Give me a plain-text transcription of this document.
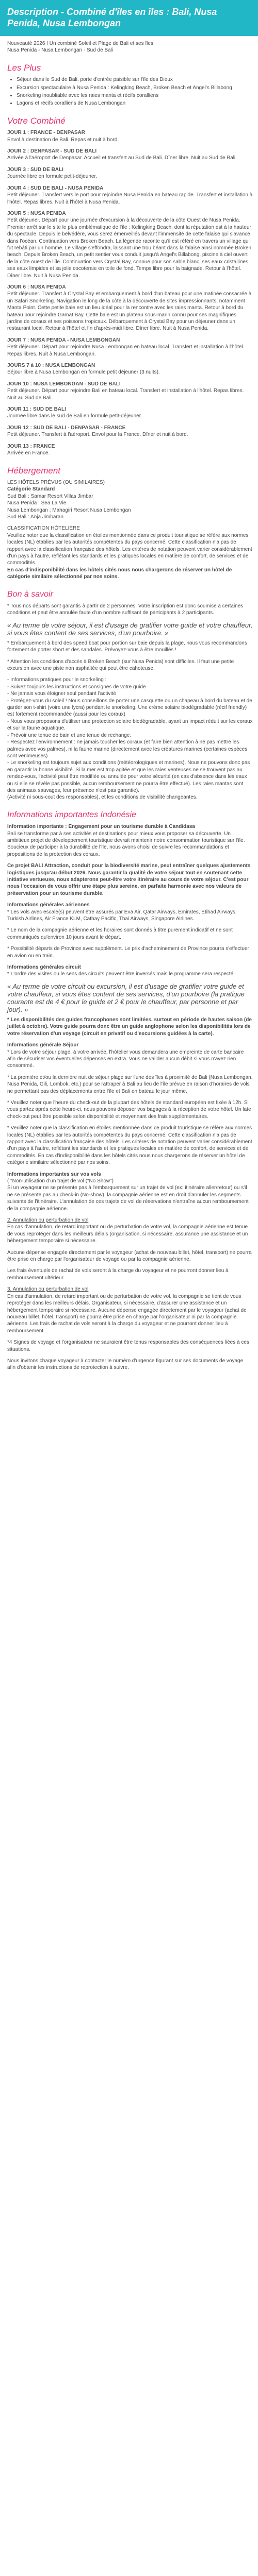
Description - Combiné d'îles en îles : Bali, Nusa Penida, Nusa Lembongan
Nouveauté 2026 ! Un combiné Soleil et Plage de Bali et ses îles
Nusa Penida - Nusa Lembongan - Sud de Bali
Les Plus
• Séjour dans le Sud de Bali, porte d'entrée paisible sur l'île des Dieux
• Excursion spectaculaire à Nusa Penida : Kelingking Beach, Broken Beach et Angel's Billabong
• Snorkeling inoubliable avec les raies manta et récifs coralliens
• Lagons et récifs coralliens de Nusa Lembongan
Votre Combiné

JOUR 1 : FRANCE - DENPASAR
Envol à destination de Bali. Repas et nuit à bord.

JOUR 2 : DENPASAR - SUD DE BALI
Arrivée à l'aéroport de Denpasar. Accueil et transfert au Sud de Bali. Dîner libre. Nuit au Sud de Bali.

JOUR 3 : SUD DE BALI
Journée libre en formule petit-déjeuner.

JOUR 4 : SUD DE BALI - NUSA PENIDA
Petit déjeuner. Transfert vers le port pour rejoindre Nusa Penida en bateau rapide. Transfert et installation à l'hôtel. Repas libres. Nuit à l'hôtel à Nusa Penida.

JOUR 5 : NUSA PENIDA
Petit déjeuner. Départ pour une journée d'excursion à la découverte de la côte Ouest de Nusa Penida. Premier arrêt sur le site le plus emblématique de l'île : Kelingking Beach, dont la réputation est à la hauteur du spectacle. Depuis le belvédère, vous serez émerveillés devant l'immensité de cette falaise qui s'avance dans l'océan. Continuation vers Broken Beach. La légende raconte qu'il est référé en travers un village qui fut rebâti par un homme. Le village s'effondra, laissant une trou béant dans la falaise ainsi nommée Broken beach. Depuis Broken Beach, un petit sentier vous conduit jusqu'à Angel's Billabong, piscine à ciel ouvert de la côte ouest de l'île. Continuation vers Crystal Bay, connue pour son sable blanc, ses eaux cristallines, ses eaux limpides et sa jolie cocoteraie en toile de fond. Temps libre pour la baignade. Retour à l'hôtel. Dîner libre. Nuit à Nusa Penida.

JOUR 6 : NUSA PENIDA
Petit déjeuner. Transfert à Crystal Bay et embarquement à bord d'un bateau pour une matinée consacrée à un Safari Snorkeling. Navigation le long de la côte à la découverte de sites impressionnants, notamment Manta Point. Cette petite baie est un lieu idéal pour la rencontre avec les raies manta. Retour à bord du bateau pour rejoindre Gamat Bay. Cette baie est un plateau sous-marin connu pour ses magnifiques jardins de coraux et ses poissons tropicaux. Débarquement à Crystal Bay pour un déjeuner dans un restaurant local. Retour à l'hôtel et fin d'après-midi libre. Dîner libre. Nuit à Nusa Penida.

JOUR 7 : NUSA PENIDA - NUSA LEMBONGAN
Petit déjeuner. Départ pour rejoindre Nusa Lembongan en bateau local. Transfert et installation à l'hôtel. Repas libres. Nuit à Nusa Lembongan.

JOURS 7 à 10 : NUSA LEMBONGAN
Séjour libre à Nusa Lembongan en formule petit déjeuner (3 nuits).

JOUR 10 : NUSA LEMBONGAN - SUD DE BALI
Petit déjeuner. Départ pour rejoindre Bali en bateau local. Transfert et installation à l'hôtel. Repas libres. Nuit au Sud de Bali.

JOUR 11 : SUD DE BALI
Journée libre dans le sud de Bali en formule petit-déjeuner.

JOUR 12 : SUD DE BALI - DENPASAR - FRANCE
Petit déjeuner. Transfert à l'aéroport. Envol pour la France. Dîner et nuit à bord.

JOUR 13 : FRANCE
Arrivée en France.

Hébergement

LES HÔTELS PRÉVUS (OU SIMILAIRES)
Catégorie Standard
Sud Bali : Samar Resort Villas Jimbar
Nusa Penida : Sea La Vie
Nusa Lembongan : Mahagiri Resort Nusa Lembongan
Sud Bali : Anja Jimbaran

CLASSIFICATION HÔTELIÈRE
Veuillez noter que la classification en étoiles mentionnée dans ce produit touristique se réfère aux normes locales (NL) établies par les autorités compétentes du pays concerné. Cette classification n'a pas de rapport avec la classification française des hôtels. Les critères de notation peuvent varier considérablement d'un pays à l'autre, reflétant les standards et les pratiques locales en matière de confort, de services et de commodités.
En cas d'indisponibilité dans les hôtels cités nous nous chargerons de réserver un hôtel de catégorie similaire sélectionné par nos soins.

Bon à savoir

* Tous nos départs sont garantis à partir de 2 personnes. Votre inscription est donc soumise à certaines conditions et peut être annulée faute d'un nombre suffisant de participants à 2 participants.

« Au terme de votre séjour, il est d'usage de gratifier votre guide et votre chauffeur, si vous êtes content de ses services, d'un pourboire. »

* Embarquement à bord des speed boat pour portion sur baie depuis la plage, nous vous recommandons fortement de porter short et des sandales. Prévoyez-vous à être mouillés !

* Attention les conditions d'accès à Broken Beach (sur Nusa Penida) sont difficiles. Il faut une petite excursion avec une piste non asphaltée qui peut être cahoteuse.

- Informations pratiques pour le snorkeling :
- Suivez toujours les instructions et consignes de votre guide
- Ne jamais vous éloigner seul pendant l'activité
- Protégez-vous du soleil ! Nous conseillons de porter une casquette ou un chapeau à bord du bateau et de garder son t-shirt (voire une lycra) pendant le snorkeling. Une crème solaire biodégradable (récif friendly) est fortement recommandée (aussi pour les coraux)
- Nous vous proposons d'utiliser une protection solaire biodégradable, ayant un impact réduit sur les coraux et sur la faune aquatique.
- Prévoir une tenue de bain et une tenue de rechange.
- Respectez l'environnement : ne jamais toucher les coraux (et faire bien attention à ne pas mettre les palmes avec vos palmes), ni la faune marine (directement avec les créatures marines (certaines espèces sont venimeuses)
- Le snorkeling est toujours sujet aux conditions (météorologiques et marines). Nous ne pouvons donc pas en garantir la bonne visibilité. Si la mer est trop agitée et que les raies venteuses ne se trouvent pas au rendez-vous, l'activité peut être modifiée ou annulée pour votre sécurité (en cas d'absence dans les eaux ou si elle se révèle pas possible, aucun remboursement ne pourra être effectué). Les raies mantas sont des animaux sauvages, leur présence n'est pas garantie).
(Activité ni sous-cout des responsables), et les conditions de visibilité changeantes.
Informations importantes Indonésie
Information importante : Engagement pour un tourisme durable à Candidasa

Bali se transforme par à ses activités et destinations pour mieux vous proposer sa découverte. Un ambitieux projet de développement touristique devrait maintenir notre consommation touristique sur l'île. Soucieux de participer à la durabilité de l'île, nous avons choisi de suivre les recommandations et propositions de la protection des coraux.

Ce projet BALI Attraction, conduit pour la biodiversité marine, peut entraîner quelques ajustements logistiques jusqu'au début 2026. Nous garantir la qualité de votre séjour tout en soutenant cette initiative vertueuse, nous adapterons peut-être votre itinéraire au cours de votre séjour. C'est pour nous l'occasion de vous offrir une étape plus sereine, en parfaite harmonie avec nos valeurs de préservation pour un tourisme durable.

Informations générales aériennes

* Les vols avec escale(s) peuvent être assurés par Eva Air, Qatar Airways, Emirates, Etihad Airways, Turkish Airlines, Air France KLM, Cathay Pacific, Thai Airways, Singapore Airlines.

* Le nom de la compagnie aérienne et les horaires sont donnés à titre purement indicatif et ne sont communiqués qu'environ 10 jours avant le départ.

* Possibilité départs de Province avec supplément. Le prix d'acheminement de Province pourra s'effectuer en avion ou en train.

Informations générales circuit

* L'ordre des visites ou le sens des circuits peuvent être inversés mais le programme sera respecté.

« Au terme de votre circuit ou excursion, il est d'usage de gratifier votre guide et votre chauffeur, si vous êtes content de ses services, d'un pourboire (la pratique courante est de 4 € pour le guide et 2 € pour le chauffeur, par personne et par jour). »

* Les disponibilités des guides francophones sont limitées, surtout en période de hautes saison (de juillet à octobre). Votre guide pourra donc être un guide anglophone selon les disponibilités lors de votre réservation d'un voyage (circuit en privatif ou d'excursions guidées à la carte).

Informations générale Séjour

* Lors de votre séjour plage, à votre arrivée, l'hôtelier vous demandera une empreinte de carte bancaire afin de sécuriser vos éventuelles dépenses en extra. Vous ne valider aucun débit si vous n'avez rien consommé.

* La première et/ou la dernière nuit de séjour plage sur l'une des îles à proximité de Bali (Nusa Lembongan, Nusa Penida, Gili, Lombok, etc.) pour se rattraper à Bali au lieu de l'île prévue en raison d'horaires de vols ne permettant pas des déplacements entre l'île et Bali en bateau le jour même.

* Veuillez noter que l'heure du check-out de la plupart des hôtels de standard européen est fixée à 12h. Si vous partez après cette heure-ci, nous pouvons déposer vos bagages à la réception de votre hôtel. Un late check-out peut être possible selon disponibilité et moyennant des frais supplémentaires.

* Veuillez noter que la classification en étoiles mentionnée dans ce produit touristique se réfère aux normes locales (NL) établies par les autorités compétentes du pays concerné. Cette classification n'a pas de rapport avec la classification française des hôtels. Les critères de notation peuvent varier considérablement d'un pays à l'autre, reflétant les standards et les pratiques locales en matière de confort, de services et de commodités. En cas d'indisponibilité dans les hôtels cités nous nous chargerons de réserver un hôtel de catégorie similaire sélectionné par nos soins.

Informations importantes sur vos vols
( "Non-utilisation d'un trajet de vol ("No Show")

Si un voyageur ne se présente pas à l'embarquement sur un trajet de vol (ex: itinéraire aller/retour) ou s'il ne se présente pas au check-in (No-show), la compagnie aérienne est en droit d'annuler les segments suivants de l'itinéraire. L'annulation de ces trajets de vol de réservations n'entraîne aucun remboursement de la compagnie aérienne.

2. Annulation ou perturbation de vol

En cas d'annulation, de retard important ou de perturbation de votre vol, la compagnie aérienne est tenue de vous reprotéger dans les meilleurs délais (organisation, si nécessaire, assurance une assistance et un hébergement temporaire si nécessaire.

Aucune dépense engagée directement par le voyageur (achat de nouveau billet, hôtel, transport) ne pourra être prise en charge par l'organisateur de voyage ou par la compagnie aérienne.

Les frais éventuels de rachat de vols seront à la charge du voyageur et ne pourront donner lieu à remboursement ultérieur.

3. Annulation ou perturbation de vol

En cas d'annulation, de retard important ou de perturbation de votre vol, la compagnie se tient de vous reprotéger dans les meilleurs délais. Organisateur, si nécessaire, d'assurer une assistance et un hébergement temporaire si nécessaire. Aucune dépense engagée directement par le voyageur (achat de nouveau billet, hôtel, transport) ne pourra être prise en charge par l'organisateur ni par la compagnie aérienne. Les frais de rachat de vols seront à la charge du voyageur et ne pourront donner lieu à remboursement.

*4 Signes de voyage et l'organisateur ne sauraient être tenus responsables des conséquences liées à ces situations.

Nous invitons chaque voyageur à contacter le numéro d'urgence figurant sur ses documents de voyage afin d'obtenir les instructions de reprotection à suivre.
